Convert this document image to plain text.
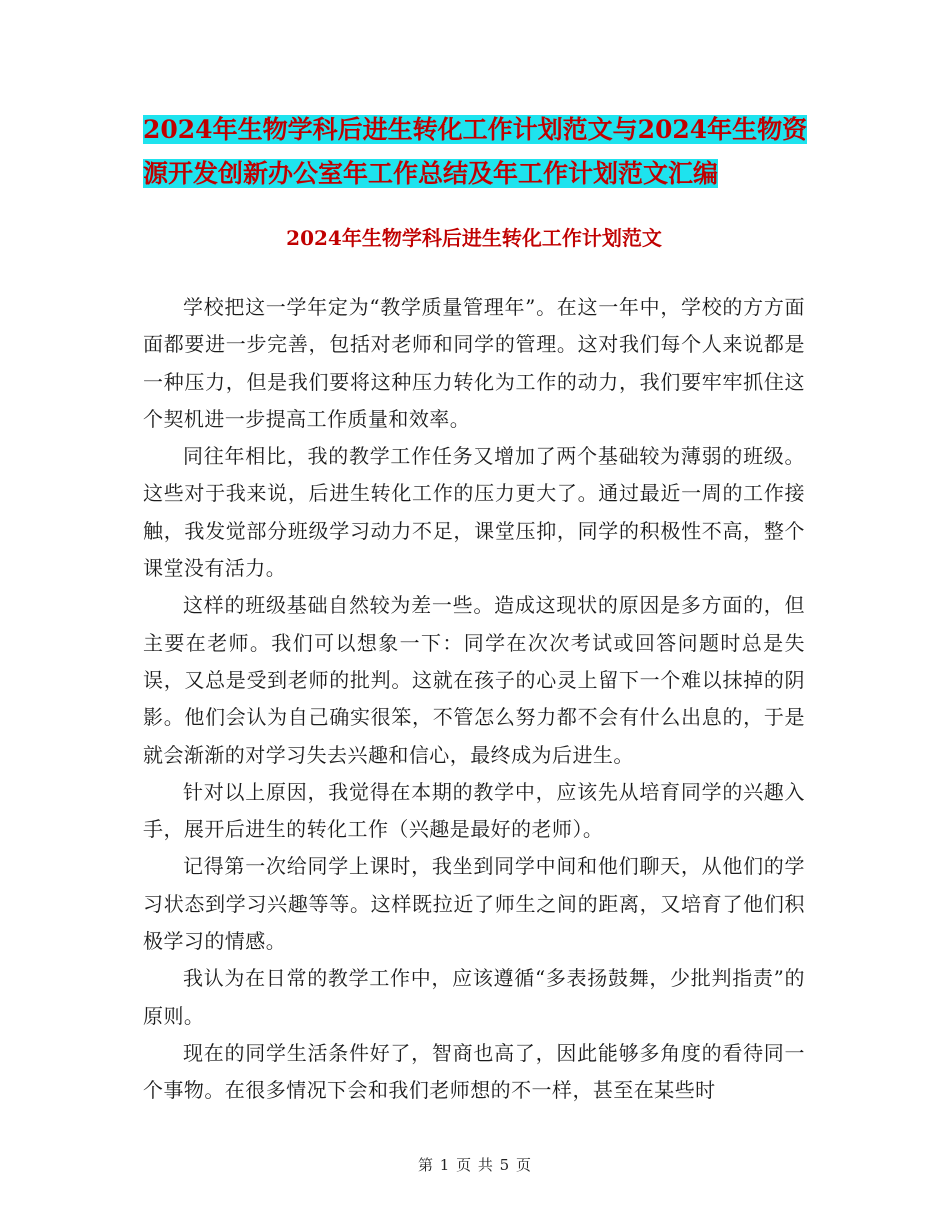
2024年生物学科后进生转化工作计划范文与2024年生物资源开发创新办公室年工作总结及年工作计划范文汇编
2024年生物学科后进生转化工作计划范文

学校把这一学年定为“教学质量管理年”。在这一年中，学校的方方面面都要进一步完善，包括对老师和同学的管理。这对我们每个人来说都是一种压力，但是我们要将这种压力转化为工作的动力，我们要牢牢抓住这个契机进一步提高工作质量和效率。

同往年相比，我的教学工作任务又增加了两个基础较为薄弱的班级。这些对于我来说，后进生转化工作的压力更大了。通过最近一周的工作接触，我发觉部分班级学习动力不足，课堂压抑，同学的积极性不高，整个课堂没有活力。

这样的班级基础自然较为差一些。造成这现状的原因是多方面的，但主要在老师。我们可以想象一下：同学在次次考试或回答问题时总是失误，又总是受到老师的批判。这就在孩子的心灵上留下一个难以抹掉的阴影。他们会认为自己确实很笨，不管怎么努力都不会有什么出息的，于是就会渐渐的对学习失去兴趣和信心，最终成为后进生。

针对以上原因，我觉得在本期的教学中，应该先从培育同学的兴趣入手，展开后进生的转化工作（兴趣是最好的老师）。

记得第一次给同学上课时，我坐到同学中间和他们聊天，从他们的学习状态到学习兴趣等等。这样既拉近了师生之间的距离，又培育了他们积极学习的情感。

我认为在日常的教学工作中，应该遵循“多表扬鼓舞，少批判指责”的原则。

现在的同学生活条件好了，智商也高了，因此能够多角度的看待同一个事物。在很多情况下会和我们老师想的不一样，甚至在某些时

第 1 页 共 5 页
